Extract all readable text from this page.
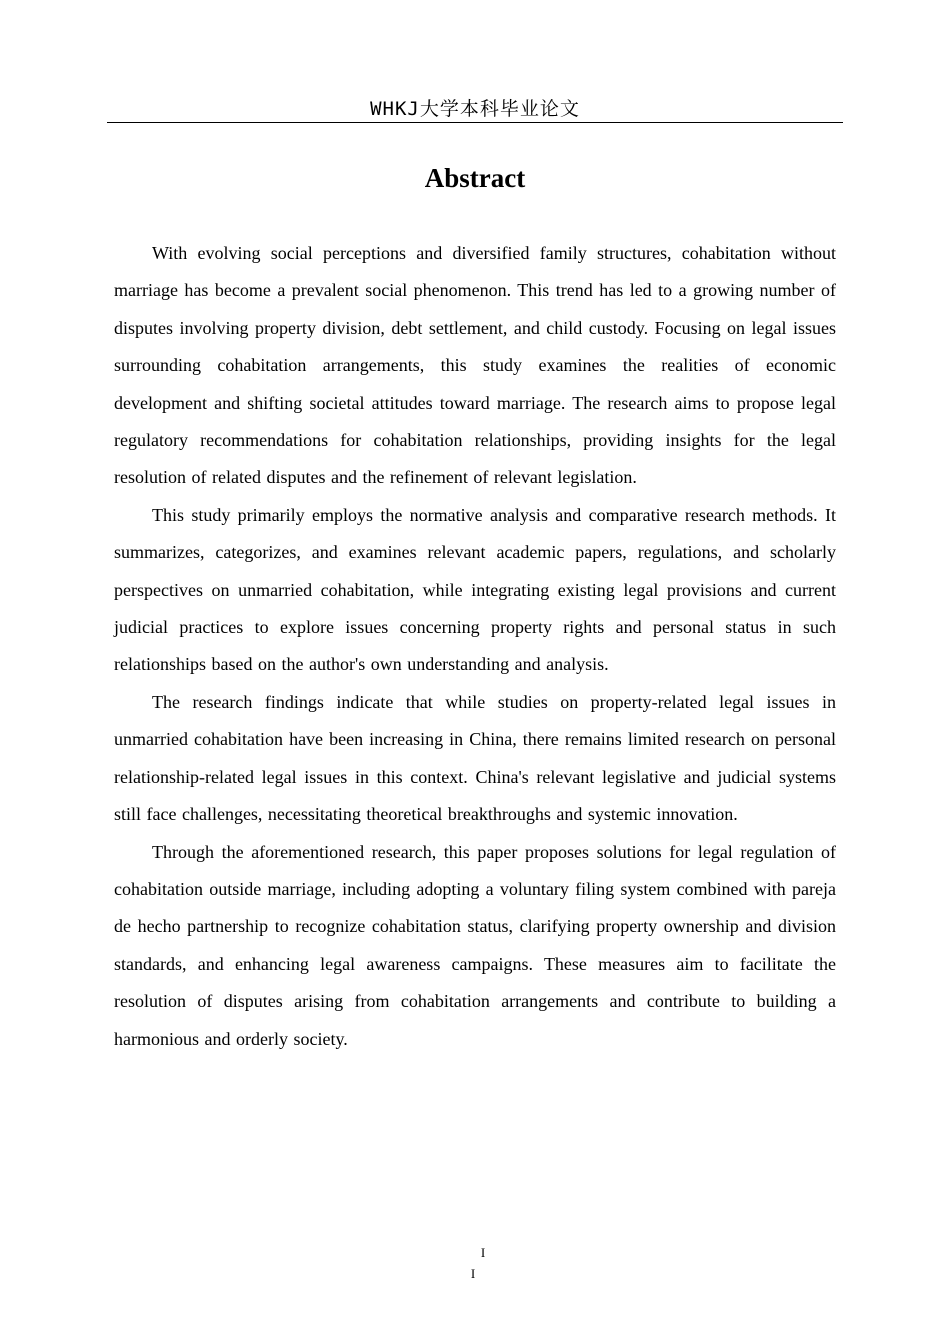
WHKJ大学本科毕业论文
Abstract

With evolving social perceptions and diversified family structures, cohabitation without marriage has become a prevalent social phenomenon. This trend has led to a growing number of disputes involving property division, debt settlement, and child custody. Focusing on legal issues surrounding cohabitation arrangements, this study examines the realities of economic development and shifting societal attitudes toward marriage. The research aims to propose legal regulatory recommendations for cohabitation relationships, providing insights for the legal resolution of related disputes and the refinement of relevant legislation.

This study primarily employs the normative analysis and comparative research methods. It summarizes, categorizes, and examines relevant academic papers, regulations, and scholarly perspectives on unmarried cohabitation, while integrating existing legal provisions and current judicial practices to explore issues concerning property rights and personal status in such relationships based on the author's own understanding and analysis.

The research findings indicate that while studies on property-related legal issues in unmarried cohabitation have been increasing in China, there remains limited research on personal relationship-related legal issues in this context. China's relevant legislative and judicial systems still face challenges, necessitating theoretical breakthroughs and systemic innovation.

Through the aforementioned research, this paper proposes solutions for legal regulation of cohabitation outside marriage, including adopting a voluntary filing system combined with pareja de hecho partnership to recognize cohabitation status, clarifying property ownership and division standards, and enhancing legal awareness campaigns. These measures aim to facilitate the resolution of disputes arising from cohabitation arrangements and contribute to building a harmonious and orderly society.

I
I
